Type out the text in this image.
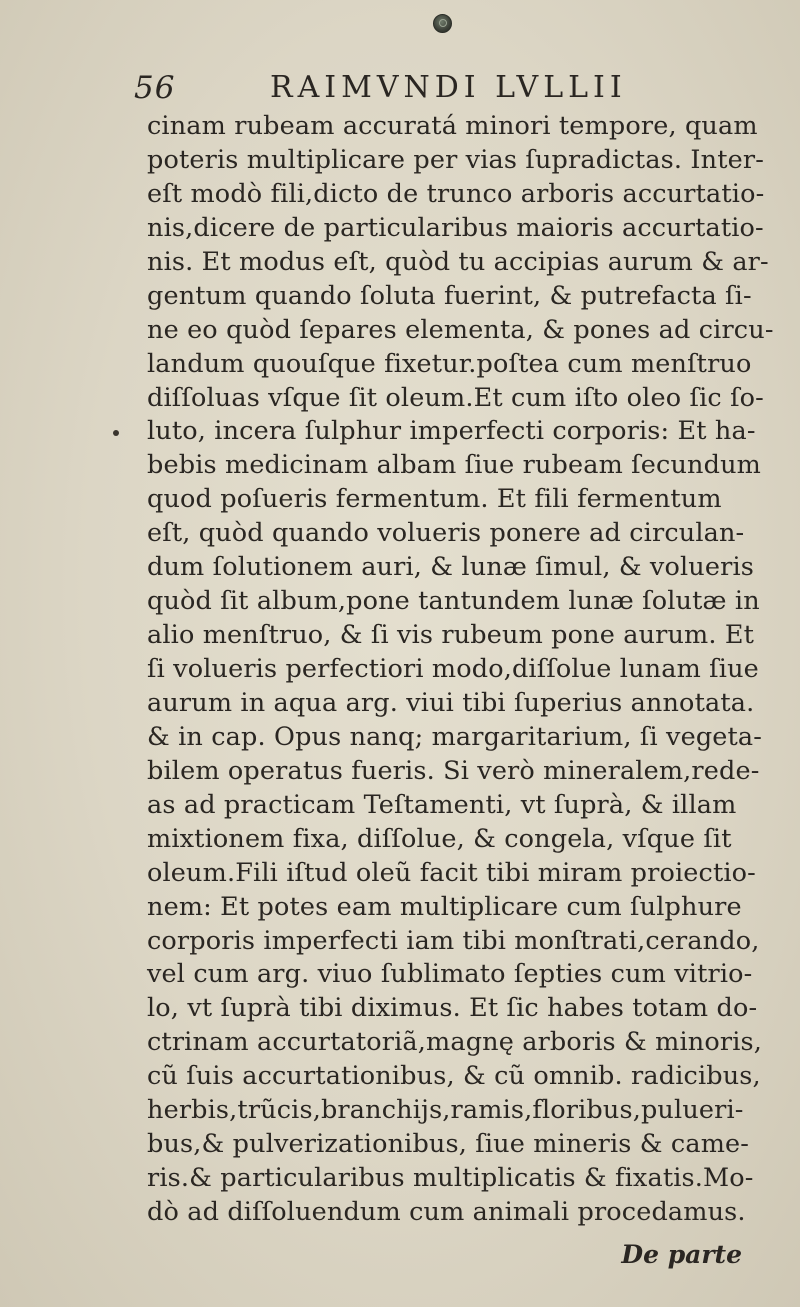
56	RAIMVNDI LVLLII
cinam rubeam accuratá minori tempore, quam
poteris multiplicare per vias ſupradictas. Inter-
eſt modò fili,dicto de trunco arboris accurtatio-
nis,dicere de particularibus maioris accurtatio-
nis. Et modus eſt, quòd tu accipias aurum & ar-
gentum quando ſoluta fuerint, & putrefacta ſi-
ne eo quòd ſepares elementa, & pones ad circu-
landum quouſque fixetur.poſtea cum menſtruo
diſſoluas vſque ſit oleum.Et cum iſto oleo ſic ſo-
luto, incera ſulphur imperfecti corporis: Et ha-
bebis medicinam albam ſiue rubeam ſecundum
quod poſueris fermentum. Et fili fermentum
eſt, quòd quando volueris ponere ad circulan-
dum ſolutionem auri, & lunæ ſimul, & volueris
quòd ſit album,pone tantundem lunæ ſolutæ in
alio menſtruo, & ſi vis rubeum pone aurum. Et
ſi volueris perfectiori modo,diſſolue lunam ſiue
aurum in aqua arg. viui tibi ſuperius annotata.
& in cap. Opus nanq; margaritarium, ſi vegeta-
bilem operatus fueris. Si verò mineralem,rede-
as ad practicam Teſtamenti, vt ſuprà, & illam
mixtionem fixa, diſſolue, & congela, vſque ſit
oleum.Fili iſtud oleũ facit tibi miram proiectio-
nem: Et potes eam multiplicare cum ſulphure
corporis imperfecti iam tibi monſtrati,cerando,
vel cum arg. viuo ſublimato ſepties cum vitrio-
lo, vt ſuprà tibi diximus. Et ſic habes totam do-
ctrinam accurtatoriã,magnę arboris & minoris,
cũ ſuis accurtationibus, & cũ omnib. radicibus,
herbis,trũcis,branchijs,ramis,floribus,pulueri-
bus,& pulverizationibus, ſiue mineris & came-
ris.& particularibus multiplicatis & fixatis.Mo-
dò ad diſſoluendum cum animali procedamus.
De parte
